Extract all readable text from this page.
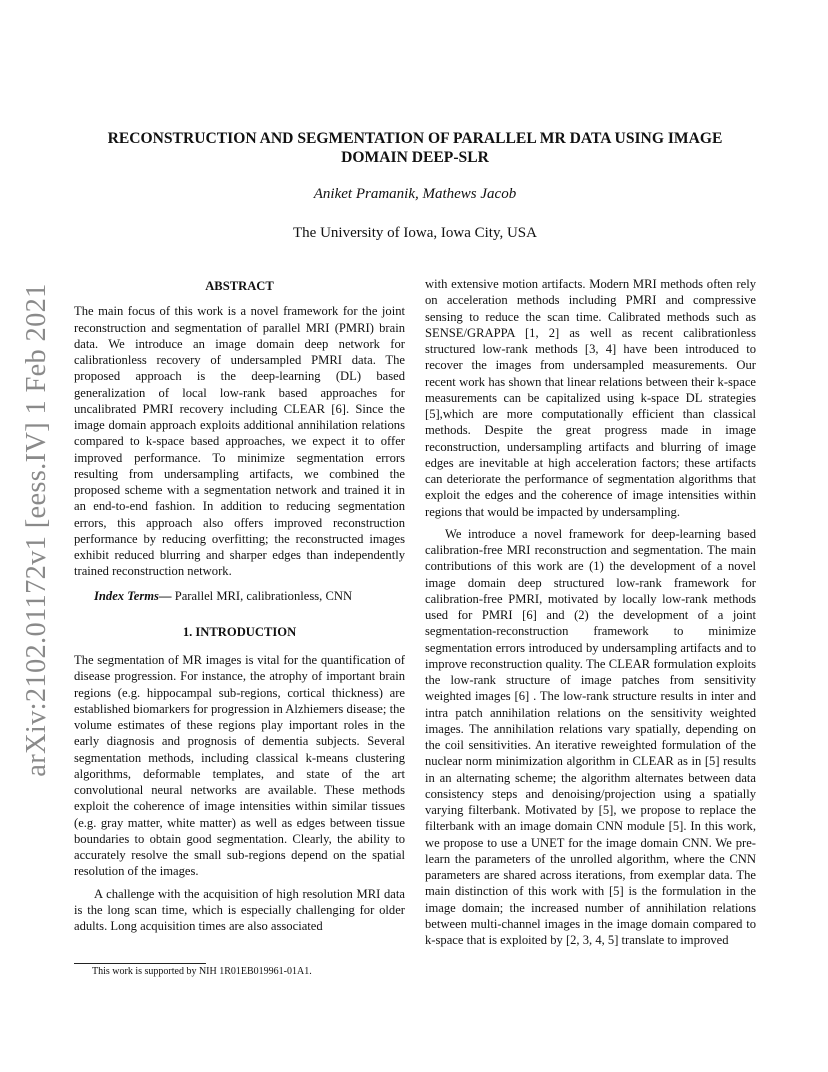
arXiv:2102.01172v1 [eess.IV] 1 Feb 2021
RECONSTRUCTION AND SEGMENTATION OF PARALLEL MR DATA USING IMAGE DOMAIN DEEP-SLR
Aniket Pramanik, Mathews Jacob
The University of Iowa, Iowa City, USA
ABSTRACT

The main focus of this work is a novel framework for the joint reconstruction and segmentation of parallel MRI (PMRI) brain data. We introduce an image domain deep network for calibrationless recovery of undersampled PMRI data. The proposed approach is the deep-learning (DL) based generalization of local low-rank based approaches for uncalibrated PMRI recovery including CLEAR [6]. Since the image domain approach exploits additional annihilation relations compared to k-space based approaches, we expect it to offer improved performance. To minimize segmentation errors resulting from undersampling artifacts, we combined the proposed scheme with a segmentation network and trained it in an end-to-end fashion. In addition to reducing segmentation errors, this approach also offers improved reconstruction performance by reducing overfitting; the reconstructed images exhibit reduced blurring and sharper edges than independently trained reconstruction network.

Index Terms— Parallel MRI, calibrationless, CNN

1. INTRODUCTION

The segmentation of MR images is vital for the quantification of disease progression. For instance, the atrophy of important brain regions (e.g. hippocampal sub-regions, cortical thickness) are established biomarkers for progression in Alzhiemers disease; the volume estimates of these regions play important roles in the early diagnosis and prognosis of dementia subjects. Several segmentation methods, including classical k-means clustering algorithms, deformable templates, and state of the art convolutional neural networks are available. These methods exploit the coherence of image intensities within similar tissues (e.g. gray matter, white matter) as well as edges between tissue boundaries to obtain good segmentation. Clearly, the ability to accurately resolve the small sub-regions depend on the spatial resolution of the images.

A challenge with the acquisition of high resolution MRI data is the long scan time, which is especially challenging for older adults. Long acquisition times are also associated

with extensive motion artifacts. Modern MRI methods often rely on acceleration methods including PMRI and compressive sensing to reduce the scan time. Calibrated methods such as SENSE/GRAPPA [1, 2] as well as recent calibrationless structured low-rank methods [3, 4] have been introduced to recover the images from undersampled measurements. Our recent work has shown that linear relations between their k-space measurements can be capitalized using k-space DL strategies [5],which are more computationally efficient than classical methods. Despite the great progress made in image reconstruction, undersampling artifacts and blurring of image edges are inevitable at high acceleration factors; these artifacts can deteriorate the performance of segmentation algorithms that exploit the edges and the coherence of image intensities within regions that would be impacted by undersampling.

We introduce a novel framework for deep-learning based calibration-free MRI reconstruction and segmentation. The main contributions of this work are (1) the development of a novel image domain deep structured low-rank framework for calibration-free PMRI, motivated by locally low-rank methods used for PMRI [6] and (2) the development of a joint segmentation-reconstruction framework to minimize segmentation errors introduced by undersampling artifacts and to improve reconstruction quality. The CLEAR formulation exploits the low-rank structure of image patches from sensitivity weighted images [6] . The low-rank structure results in inter and intra patch annihilation relations on the sensitivity weighted images. The annihilation relations vary spatially, depending on the coil sensitivities. An iterative reweighted formulation of the nuclear norm minimization algorithm in CLEAR as in [5] results in an alternating scheme; the algorithm alternates between data consistency steps and denoising/projection using a spatially varying filterbank. Motivated by [5], we propose to replace the filterbank with an image domain CNN module [5]. In this work, we propose to use a UNET for the image domain CNN. We pre-learn the parameters of the unrolled algorithm, where the CNN parameters are shared across iterations, from exemplar data. The main distinction of this work with [5] is the formulation in the image domain; the increased number of annihilation relations between multi-channel images in the image domain compared to k-space that is exploited by [2, 3, 4, 5] translate to improved

This work is supported by NIH 1R01EB019961-01A1.
